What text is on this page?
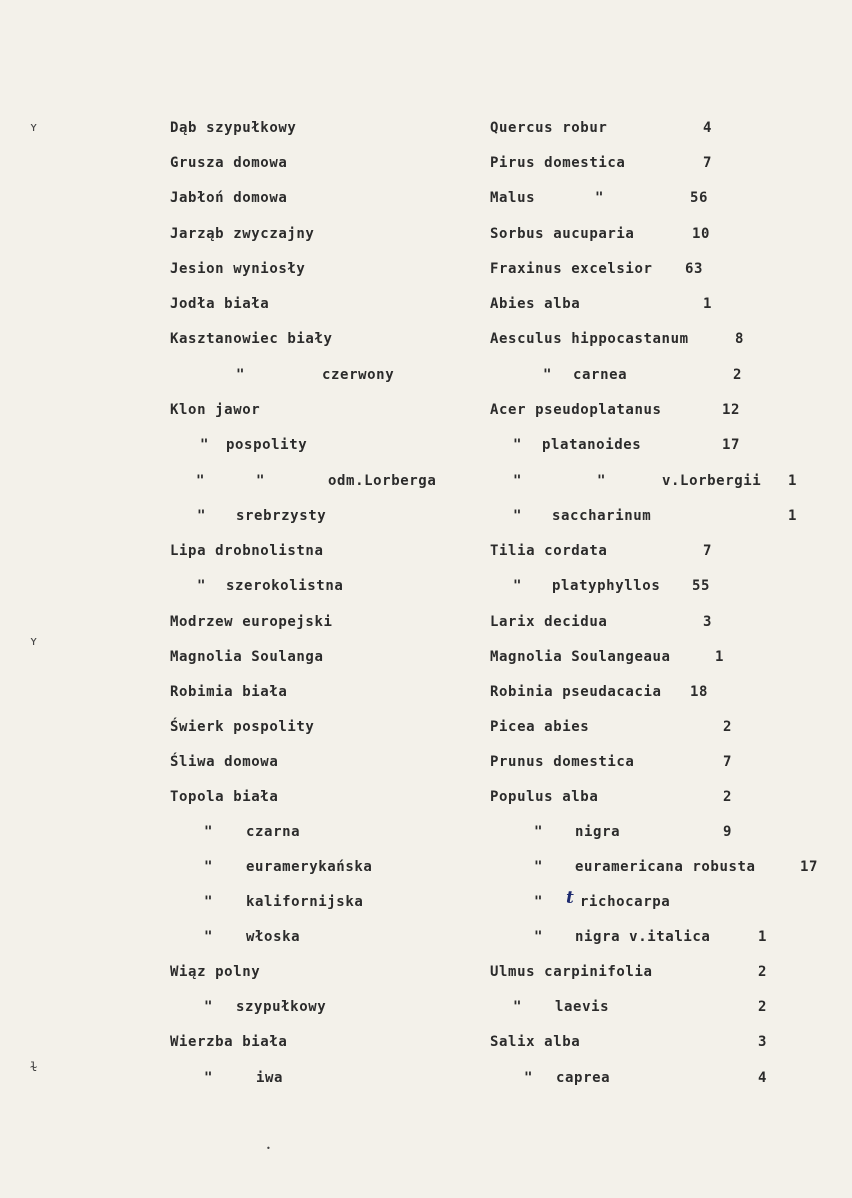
ʏ
ʏ
ɫ
Dąb szypułkowy	Quercus robur	4
Grusza domowa	Pirus domestica	7
Jabłoń domowa	Malus	"	56
Jarząb zwyczajny	Sorbus aucuparia	10
Jesion wyniosły	Fraxinus excelsior 63
Jodła biała	Abies alba	1
Kasztanowiec biały	Aesculus hippocastanum	8
"	czerwony	" carnea	2
Klon jawor	Acer pseudoplatanus	12
" pospolity	" platanoides	17
"	"	odm.Lorberga	"	"	v.Lorbergii 1
" srebrzysty	" saccharinum	1
Lipa drobnolistna	Tilia cordata	7
" szerokolistna	" platyphyllos 55
Modrzew europejski	Larix decidua	3
Magnolia Soulanga	Magnolia Soulangeaua	1
Robimia biała	Robinia pseudacacia 18
Świerk pospolity	Picea abies	2
Śliwa domowa	Prunus domestica	7
Topola biała	Populus alba	2
" czarna	" nigra	9
" euramerykańska	" euramericana robusta	17
" kalifornijska	" t richocarpa
" włoska	" nigra v.italica	1
Wiąz polny	Ulmus carpinifolia	2
" szypułkowy	" laevis	2
Wierzba biała	Salix alba	3
"	iwa	" caprea	4
•
